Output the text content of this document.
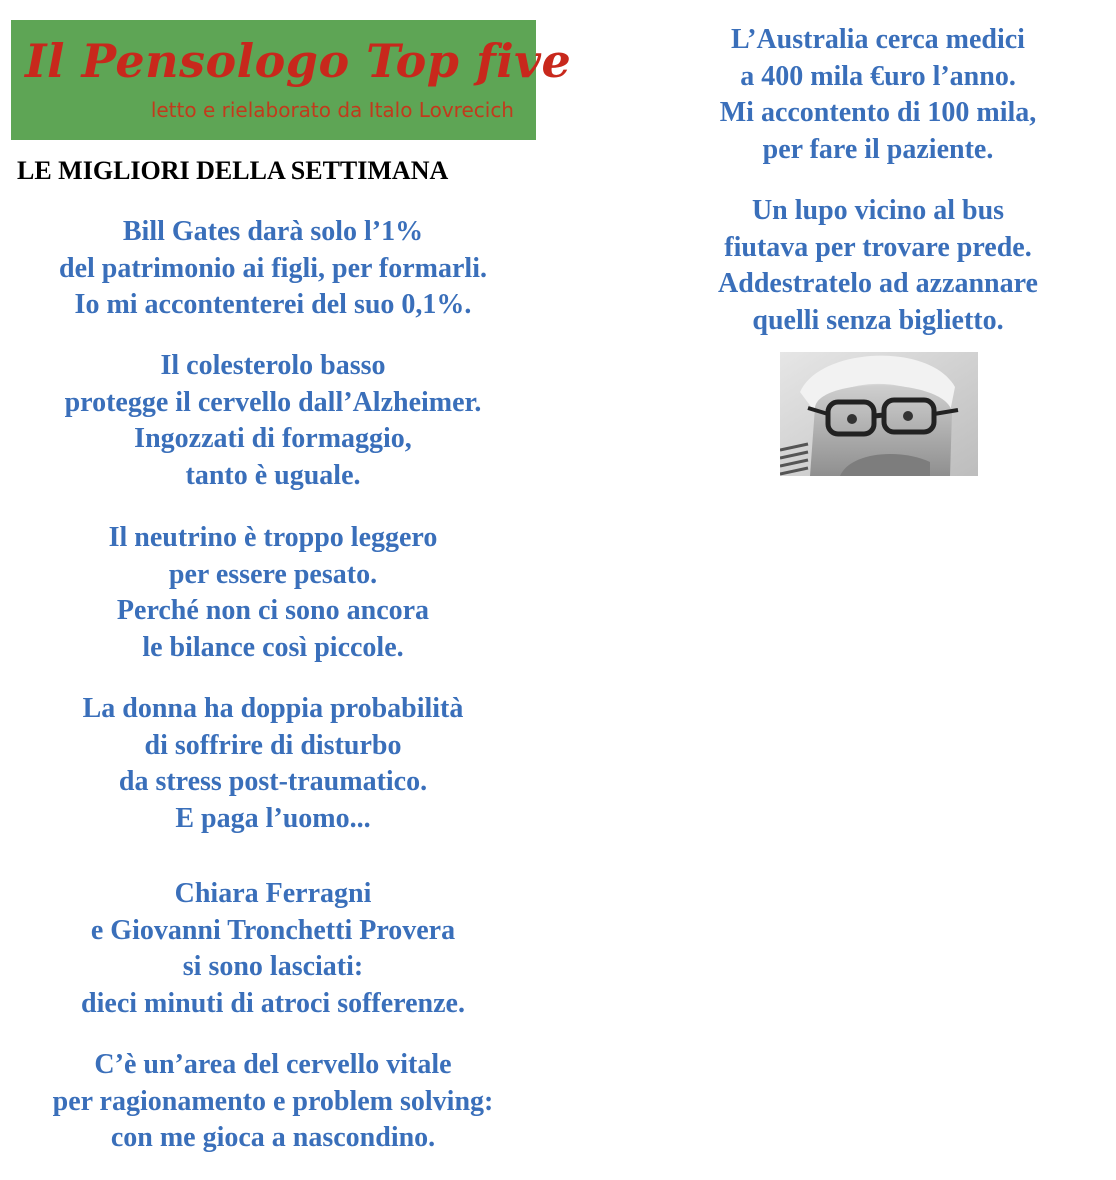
Il Pensologo Top five
letto e rielaborato da Italo Lovrecich
LE MIGLIORI DELLA SETTIMANA
Bill Gates darà solo l’1%
del patrimonio ai figli, per formarli.
Io mi accontenterei del suo 0,1%.
Il colesterolo basso
protegge il cervello dall’Alzheimer.
Ingozzati di formaggio,
tanto è uguale.
Il neutrino è troppo leggero
per essere pesato.
Perché non ci sono ancora
le bilance così piccole.
La donna ha doppia probabilità
di soffrire di disturbo
da stress post-traumatico.
E paga l’uomo...
Chiara Ferragni
e Giovanni Tronchetti Provera
si sono lasciati:
dieci minuti di atroci sofferenze.
C’è un’area del cervello vitale
per ragionamento e problem solving:
con me gioca a nascondino.
L’Australia cerca medici
a 400 mila €uro l’anno.
Mi accontento di 100 mila,
per fare il paziente.
Un lupo vicino al bus
fiutava per trovare prede.
Addestratelo ad azzannare
quelli senza biglietto.
